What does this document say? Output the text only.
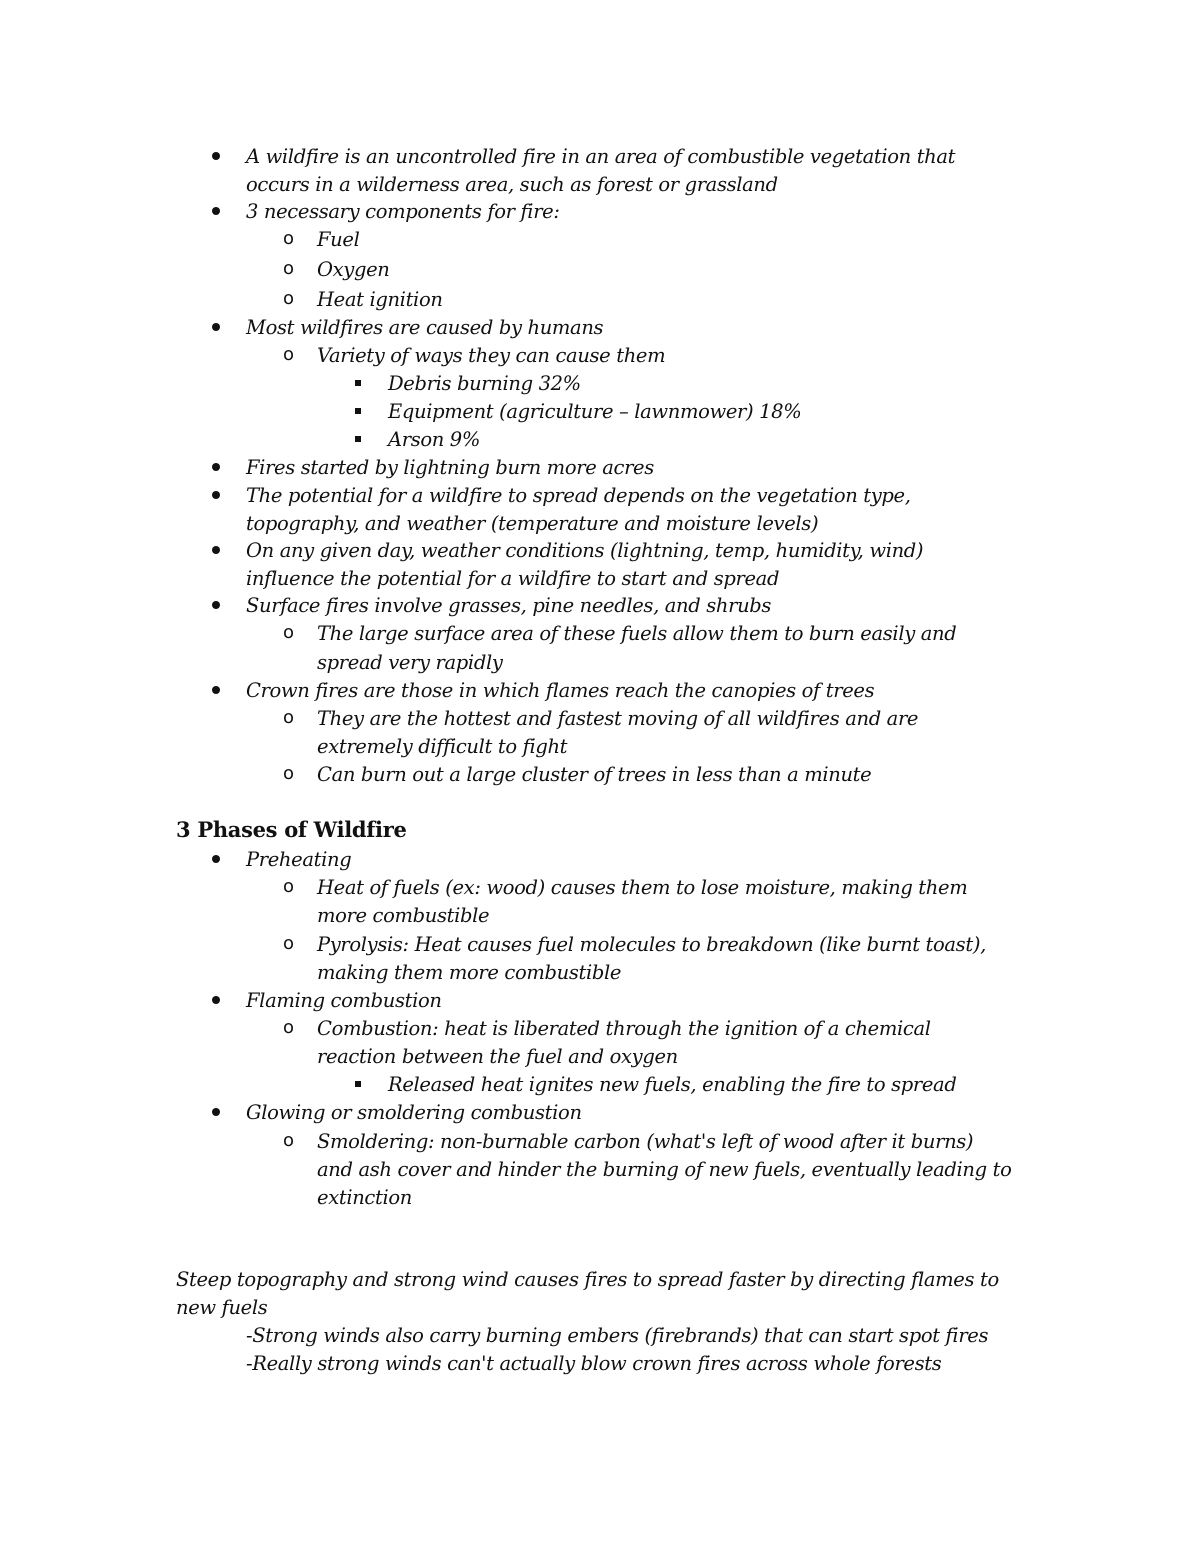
A wildfire is an uncontrolled fire in an area of combustible vegetation that
occurs in a wilderness area, such as forest or grassland
3 necessary components for fire:
o Fuel
o Oxygen
o Heat ignition
Most wildfires are caused by humans
o Variety of ways they can cause them
Debris burning 32%
Equipment (agriculture – lawnmower) 18%
Arson 9%
Fires started by lightning burn more acres
The potential for a wildfire to spread depends on the vegetation type,
topography, and weather (temperature and moisture levels)
On any given day, weather conditions (lightning, temp, humidity, wind)
influence the potential for a wildfire to start and spread
Surface fires involve grasses, pine needles, and shrubs
o The large surface area of these fuels allow them to burn easily and
spread very rapidly
Crown fires are those in which flames reach the canopies of trees
o They are the hottest and fastest moving of all wildfires and are
extremely difficult to fight
o Can burn out a large cluster of trees in less than a minute
3 Phases of Wildfire
Preheating
o Heat of fuels (ex: wood) causes them to lose moisture, making them
more combustible
o Pyrolysis: Heat causes fuel molecules to breakdown (like burnt toast),
making them more combustible
Flaming combustion
o Combustion: heat is liberated through the ignition of a chemical
reaction between the fuel and oxygen
Released heat ignites new fuels, enabling the fire to spread
Glowing or smoldering combustion
o Smoldering: non-burnable carbon (what's left of wood after it burns)
and ash cover and hinder the burning of new fuels, eventually leading to
extinction
Steep topography and strong wind causes fires to spread faster by directing flames to
new fuels
-Strong winds also carry burning embers (firebrands) that can start spot fires
-Really strong winds can't actually blow crown fires across whole forests
